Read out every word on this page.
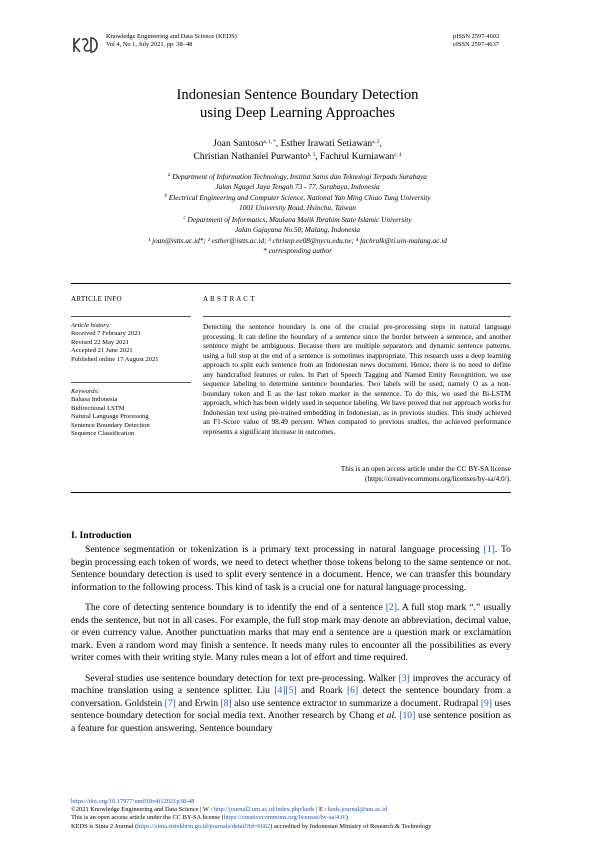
Knowledge Engineering and Data Science (KEDS)
Vol 4, No 1, July 2021, pp. 38–48
pISSN 2597-4602
eISSN 2597-4637
Indonesian Sentence Boundary Detection
using Deep Learning Approaches
Joan Santoso$^{a, 1, *}$, Esther Irawati Setiawan$^{a, 2}$,
Christian Nathaniel Purwanto$^{b, 3}$, Fachrul Kurniawan$^{c, 4}$
$^a$ Department of Information Technology, Institut Sains dan Teknologi Terpadu Surabaya
Jalan Ngagel Jaya Tengah 73 - 77, Surabaya, Indonesia
$^b$ Electrical Engineering and Computer Science, National Yan Ming Chiao Tung University
1001 University Road, Hsinchu, Taiwan
$^c$ Department of Informatics, Maulana Malik Ibrahim State Islamic University
Jalan Gajayana No.50, Malang, Indonesia
¹ joan@istts.ac.id*; ² esther@istts.ac.id; ³ chrisnp.ee08@nycu.edu.tw; ⁴ fachrulk@ti.uin-malang.ac.id
* corresponding author
ARTICLE INFO	A B S T R A C T
Article history:
Received 7 February 2021
Revised 22 May 2021
Accepted 21 June 2021
Published online 17 August 2021
Keywords:
Bahasa Indonesia
Bidirectional LSTM
Natural Language Processing
Sentence Boundary Detection
Sequence Classification
Detecting the sentence boundary is one of the crucial pre-processing steps in natural language processing. It can define the boundary of a sentence since the border between a sentence, and another sentence might be ambiguous. Because there are multiple separators and dynamic sentence patterns, using a full stop at the end of a sentence is sometimes inappropriate. This research uses a deep learning approach to split each sentence from an Indonesian news document. Hence, there is no need to define any handcrafted features or rules. In Part of Speech Tagging and Named Entity Recognition, we use sequence labeling to determine sentence boundaries. Two labels will be used, namely O as a non-boundary token and E as the last token marker in the sentence. To do this, we used the Bi-LSTM approach, which has been widely used in sequence labeling. We have proved that our approach works for Indonesian text using pre-trained embedding in Indonesian, as in previous studies. This study achieved an F1-Score value of 98.49 percent. When compared to previous studies, the achieved performance represents a significant increase in outcomes.
This is an open access article under the CC BY-SA license
(https://creativecommons.org/licenses/by-sa/4.0/).
I. Introduction

Sentence segmentation or tokenization is a primary text processing in natural language processing [1]. To begin processing each token of words, we need to detect whether those tokens belong to the same sentence or not. Sentence boundary detection is used to split every sentence in a document. Hence, we can transfer this boundary information to the following process. This kind of task is a crucial one for natural language processing.

The core of detecting sentence boundary is to identify the end of a sentence [2]. A full stop mark “.” usually ends the sentence, but not in all cases. For example, the full stop mark may denote an abbreviation, decimal value, or even currency value. Another punctuation marks that may end a sentence are a question mark or exclamation mark. Even a random word may finish a sentence. It needs many rules to encounter all the possibilities as every writer comes with their writing style. Many rules mean a lot of effort and time required.

Several studies use sentence boundary detection for text pre-processing. Walker [3] improves the accuracy of machine translation using a sentence splitter. Liu [4][5] and Roark [6] detect the sentence boundary from a conversation. Goldstein [7] and Erwin [8] also use sentence extractor to summarize a document. Rudrapal [9] uses sentence boundary detection for social media text. Another research by Chang et al. [10] use sentence position as a feature for question answering. Sentence boundary

https://doi.org/10.17977/um018v4i12021p38-48
©2021 Knowledge Engineering and Data Science | W : http://journal2.um.ac.id/index.php/keds | E : keds.journal@um.ac.id
This is an open access article under the CC BY-SA license (https://creativecommons.org/licenses/by-sa/4.0/)
KEDS is Sinta 2 Journal (https://sinta.ristekbrin.go.id/journals/detail?id=6662) accredited by Indonesian Ministry of Research & Technology
